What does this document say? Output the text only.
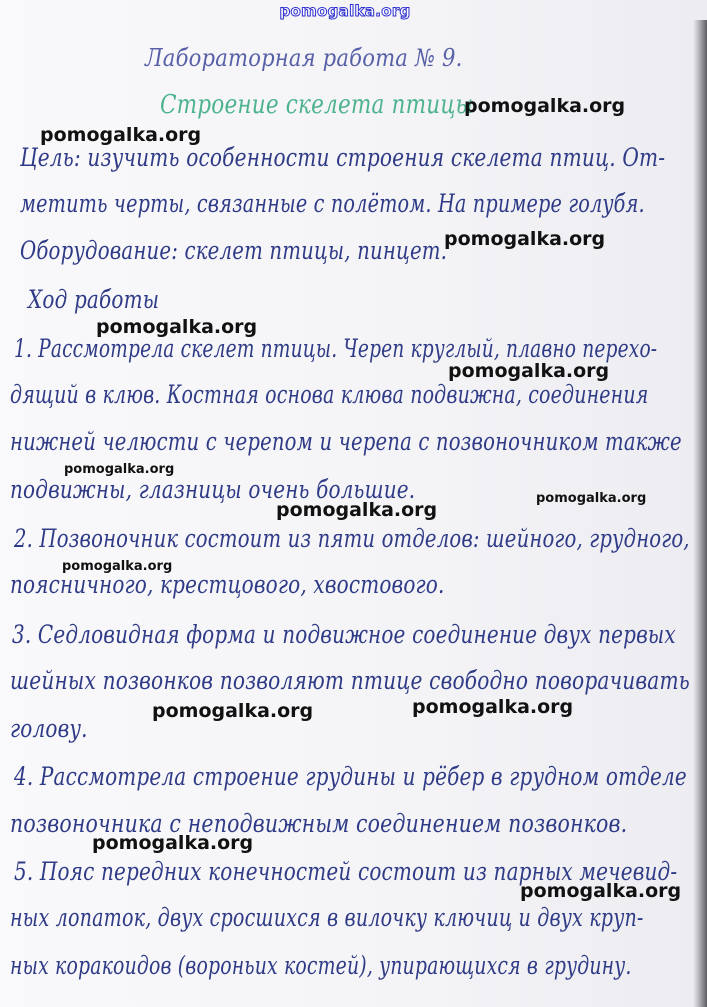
pomogalka.org
Лабораторная работа № 9.
Строение скелета птицы
Цель: изучить особенности строения скелета птиц. От-
метить черты, связанные с полётом. На примере голубя.
Оборудование: скелет птицы, пинцет.
Ход работы
1. Рассмотрела скелет птицы. Череп круглый, плавно перехо-
дящий в клюв. Костная основа клюва подвижна, соединения
нижней челюсти с черепом и черепа с позвоночником также
подвижны, глазницы очень большие.
2. Позвоночник состоит из пяти отделов: шейного, грудного,
поясничного, крестцового, хвостового.
3. Седловидная форма и подвижное соединение двух первых
шейных позвонков позволяют птице свободно поворачивать
голову.
4. Рассмотрела строение грудины и рёбер в грудном отделе
позвоночника с неподвижным соединением позвонков.
5. Пояс передних конечностей состоит из парных мечевид-
ных лопаток, двух сросшихся в вилочку ключиц и двух круп-
ных коракоидов (вороньих костей), упирающихся в грудину.
pomogalka.org
pomogalka.org
pomogalka.org
pomogalka.org
pomogalka.org
pomogalka.org
pomogalka.org
pomogalka.org
pomogalka.org
pomogalka.org	pomogalka.org
pomogalka.org
pomogalka.org
